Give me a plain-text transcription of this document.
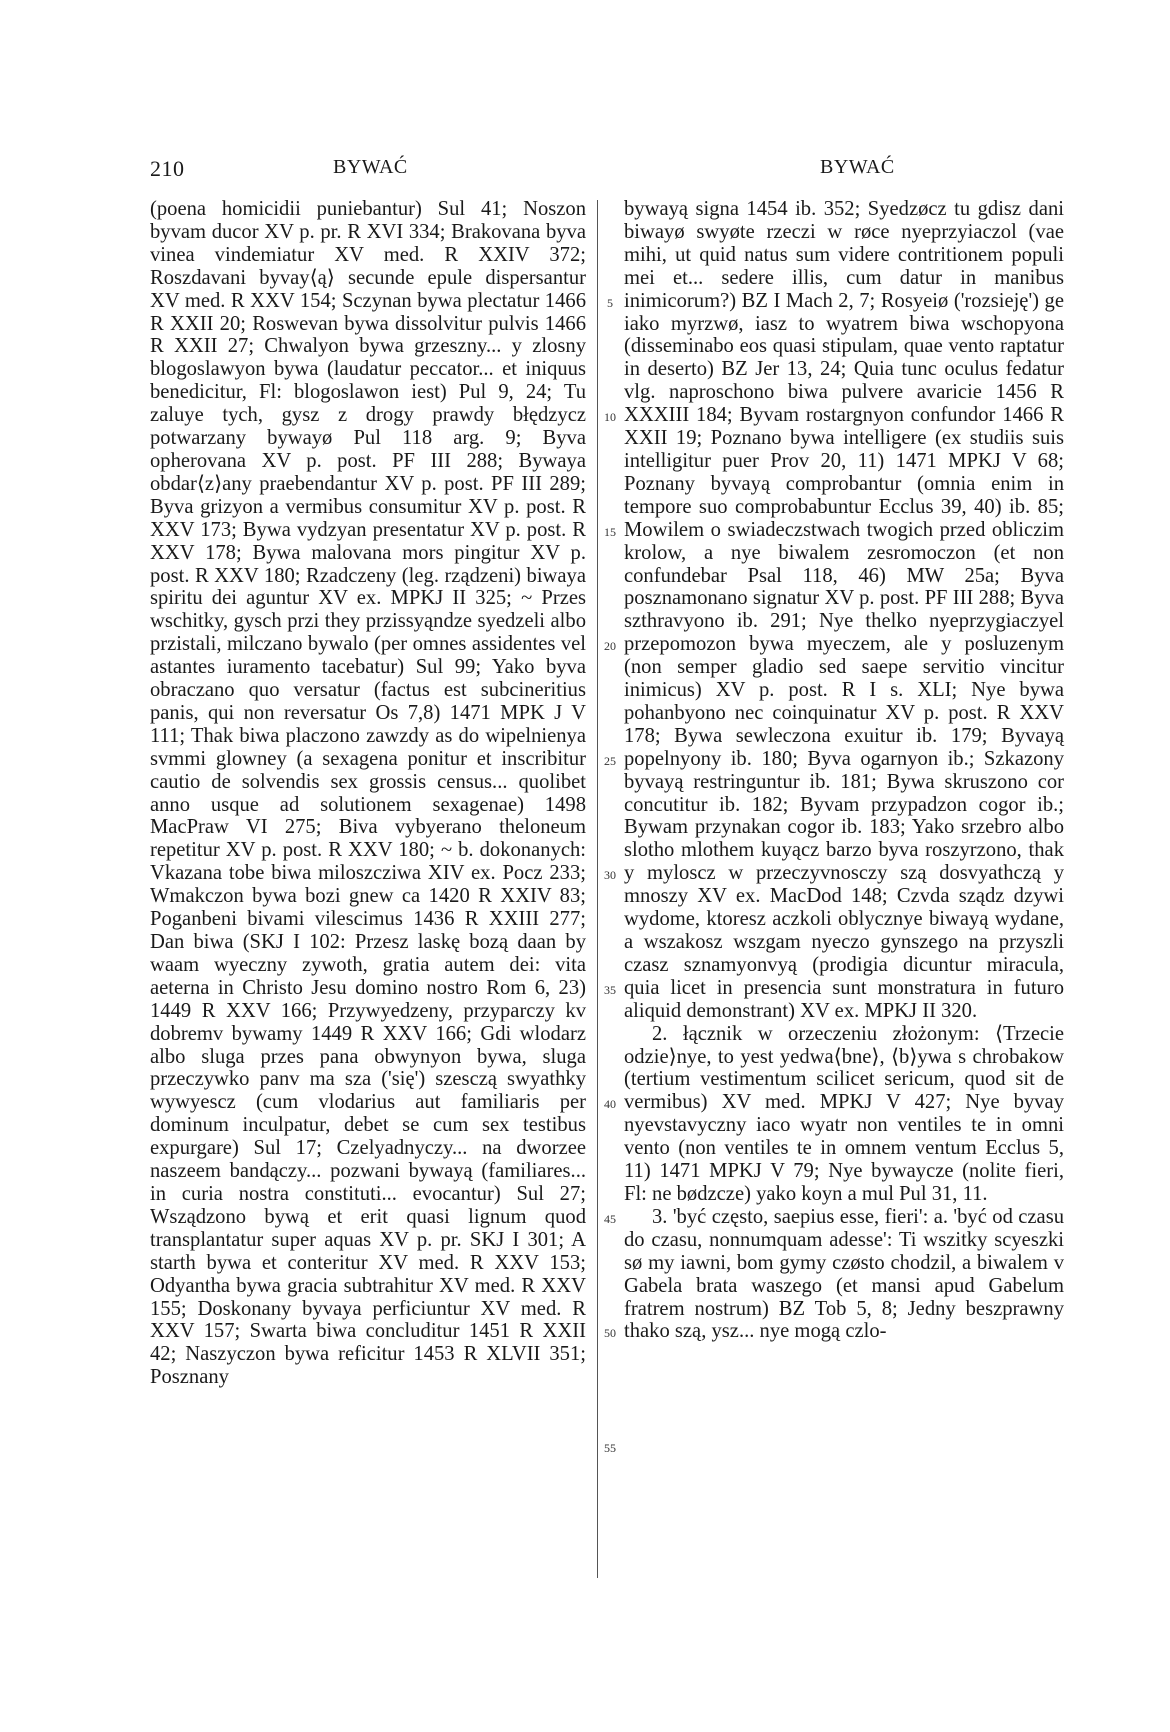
210	BYWAĆ	BYWAĆ

(poena homicidii puniebantur) Sul 41; Noszon byvam ducor XV p. pr. R XVI 334; Brakovana byva vinea vindemiatur XV med. R XXIV 372; Roszdavani byvay⟨ą⟩ secunde epule dispersantur XV med. R XXV 154; Sczynan bywa plectatur 1466 R XXII 20; Roswevan bywa dissolvitur pulvis 1466 R XXII 27; Chwalyon bywa grzeszny... y zlosny blogoslawyon bywa (laudatur peccator... et iniquus benedicitur, Fl: blogoslawon iest) Pul 9, 24; Tu zaluye tych, gysz z drogy prawdy błędzycz potwarzany bywayø Pul 118 arg. 9; Byva opherovana XV p. post. PF III 288; Bywaya obdar⟨z⟩any praebendantur XV p. post. PF III 289; Byva grizyon a vermibus consumitur XV p. post. R XXV 173; Bywa vydzyan presentatur XV p. post. R XXV 178; Bywa malovana mors pingitur XV p. post. R XXV 180; Rzadczeny (leg. rządzeni) biwaya spiritu dei aguntur XV ex. MPKJ II 325; ~ Przes wschitky, gysch przi they przissyąndze syedzeli albo przistali, milczano bywalo (per omnes assidentes vel astantes iuramento tacebatur) Sul 99; Yako byva obraczano quo versatur (factus est subcineritius panis, qui non reversatur Os 7,8) 1471 MPK J V 111; Thak biwa placzono zawzdy as do wipelnienya svmmi glowney (a sexagena ponitur et inscribitur cautio de solvendis sex grossis census... quolibet anno usque ad solutionem sexagenae) 1498 MacPraw VI 275; Biva vybyerano theloneum repetitur XV p. post. R XXV 180; ~ b. dokonanych: Vkazana tobe biwa miloszcziwa XIV ex. Pocz 233; Wmakczon bywa bozi gnew ca 1420 R XXIV 83; Poganbeni bivami vilescimus 1436 R XXIII 277; Dan biwa (SKJ I 102: Przesz laskę bozą daan by waam wyeczny zywoth, gratia autem dei: vita aeterna in Christo Jesu domino nostro Rom 6, 23) 1449 R XXV 166; Przywyedzeny, przyparczy kv dobremv bywamy 1449 R XXV 166; Gdi wlodarz albo sluga przes pana obwynyon bywa, sluga przeczywko panv ma sza ('się') szesczą swyathky wywyescz (cum vlodarius aut familiaris per dominum inculpatur, debet se cum sex testibus expurgare) Sul 17; Czelyadnyczy... na dworzee naszeem bandączy... pozwani bywayą (familiares... in curia nostra constituti... evocantur) Sul 27; Wsządzono bywą et erit quasi lignum quod transplantatur super aquas XV p. pr. SKJ I 301; A starth bywa et conteritur XV med. R XXV 153; Odyantha bywa gracia subtrahitur XV med. R XXV 155; Doskonany byvaya perficiuntur XV med. R XXV 157; Swarta biwa concluditur 1451 R XXII 42; Naszyczon bywa reficitur 1453 R XLVII 351; Posznany

5
10
15
20
25
30
35
40
45
50
55

bywayą signa 1454 ib. 352; Syedzøcz tu gdisz dani biwayø swyøte rzeczi w røce nyeprzyiaczol (vae mihi, ut quid natus sum videre contritionem populi mei et... sedere illis, cum datur in manibus inimicorum?) BZ I Mach 2, 7; Rosyeiø ('rozsieję') ge iako myrzwø, iasz to wyatrem biwa wschopyona (disseminabo eos quasi stipulam, quae vento raptatur in deserto) BZ Jer 13, 24; Quia tunc oculus fedatur vlg. naproschono biwa pulvere avaricie 1456 R XXXIII 184; Byvam rostargnyon confundor 1466 R XXII 19; Poznano bywa intelligere (ex studiis suis intelligitur puer Prov 20, 11) 1471 MPKJ V 68; Poznany byvayą comprobantur (omnia enim in tempore suo comprobabuntur Ecclus 39, 40) ib. 85; Mowilem o swiadeczstwach twogich przed obliczim krolow, a nye biwalem zesromoczon (et non confundebar Psal 118, 46) MW 25a; Byva posznamonano signatur XV p. post. PF III 288; Byva szthravyono ib. 291; Nye thelko nyeprzygiaczyel przepomozon bywa myeczem, ale y posluzenym (non semper gladio sed saepe servitio vincitur inimicus) XV p. post. R I s. XLI; Nye bywa pohanbyono nec coinquinatur XV p. post. R XXV 178; Bywa sewleczona exuitur ib. 179; Byvayą popelnyony ib. 180; Byva ogarnyon ib.; Szkazony byvayą restringuntur ib. 181; Bywa skruszono cor concutitur ib. 182; Byvam przypadzon cogor ib.; Bywam przynakan cogor ib. 183; Yako srzebro albo slotho mlothem kuyącz barzo byva roszyrzono, thak y myloscz w przeczyvnosczy szą dosvyathczą y mnoszy XV ex. MacDod 148; Czvda sządz dzywi wydome, ktoresz aczkoli oblycznye biwayą wydane, a wszakosz wszgam nyeczo gynszego na przyszli czasz sznamyonvyą (prodigia dicuntur miracula, quia licet in presencia sunt monstratura in futuro aliquid demonstrant) XV ex. MPKJ II 320.

2. łącznik w orzeczeniu złożonym: ⟨Trzecie odzie⟩nye, to yest yedwa⟨bne⟩, ⟨b⟩ywa s chrobakow (tertium vestimentum scilicet sericum, quod sit de vermibus) XV med. MPKJ V 427; Nye byvay nyevstavyczny iaco wyatr non ventiles te in omni vento (non ventiles te in omnem ventum Ecclus 5, 11) 1471 MPKJ V 79; Nye bywaycze (nolite fieri, Fl: ne bødzcze) yako koyn a mul Pul 31, 11.

3. 'być często, saepius esse, fieri': a. 'być od czasu do czasu, nonnumquam adesse': Ti wszitky scyeszki sø my iawni, bom gymy czøsto chodzil, a biwalem v Gabela brata waszego (et mansi apud Gabelum fratrem nostrum) BZ Tob 5, 8; Jedny beszprawny thako szą, ysz... nye mogą czlo-
